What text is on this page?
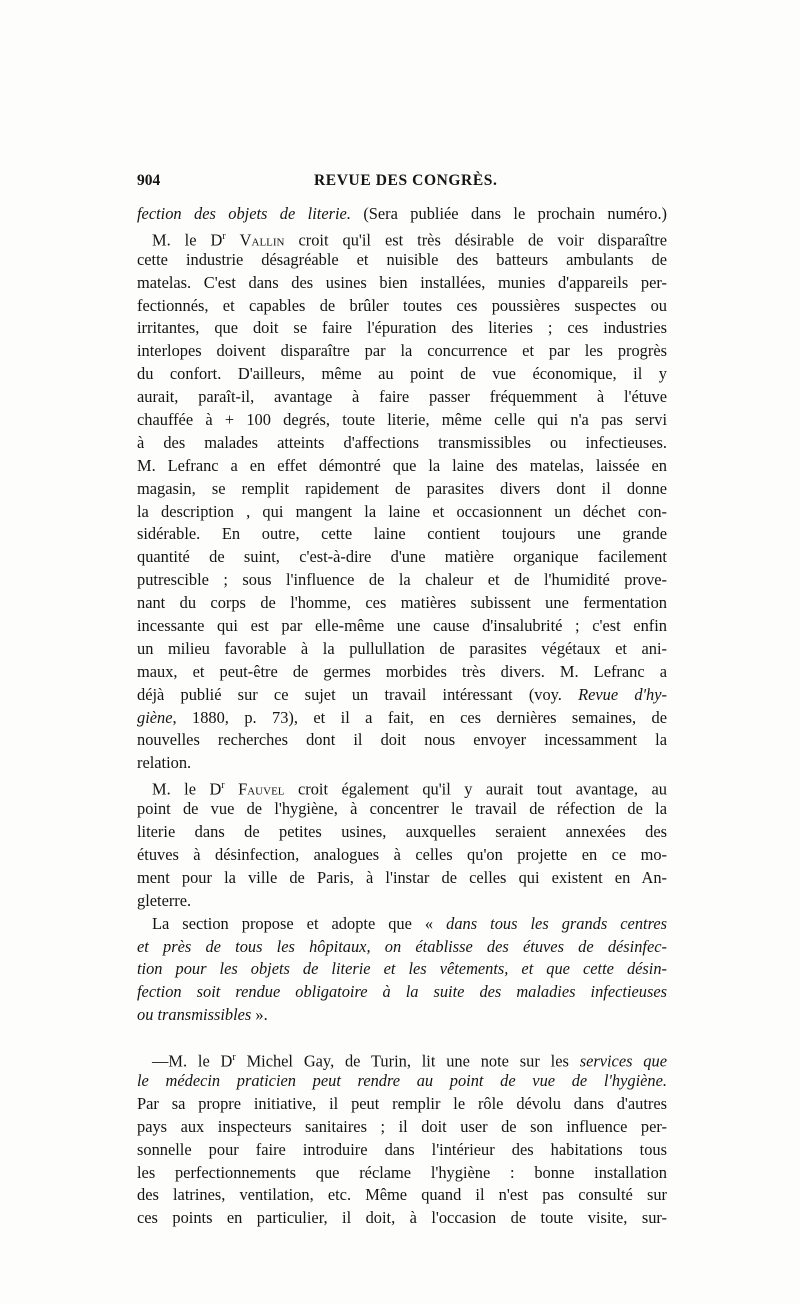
904	REVUE DES CONGRÈS.
fection des objets de literie. (Sera publiée dans le prochain numéro.)
M. le $D^r$ Vallin croit qu'il est très désirable de voir disparaître
cette industrie désagréable et nuisible des batteurs ambulants de
matelas. C'est dans des usines bien installées, munies d'appareils per-
fectionnés, et capables de brûler toutes ces poussières suspectes ou
irritantes, que doit se faire l'épuration des literies ; ces industries
interlopes doivent disparaître par la concurrence et par les progrès
du confort. D'ailleurs, même au point de vue économique, il y
aurait, paraît-il, avantage à faire passer fréquemment à l'étuve
chauffée à + 100 degrés, toute literie, même celle qui n'a pas servi
à des malades atteints d'affections transmissibles ou infectieuses.
M. Lefranc a en effet démontré que la laine des matelas, laissée en
magasin, se remplit rapidement de parasites divers dont il donne
la description , qui mangent la laine et occasionnent un déchet con-
sidérable. En outre, cette laine contient toujours une grande
quantité de suint, c'est-à-dire d'une matière organique facilement
putrescible ; sous l'influence de la chaleur et de l'humidité prove-
nant du corps de l'homme, ces matières subissent une fermentation
incessante qui est par elle-même une cause d'insalubrité ; c'est enfin
un milieu favorable à la pullullation de parasites végétaux et ani-
maux, et peut-être de germes morbides très divers. M. Lefranc a
déjà publié sur ce sujet un travail intéressant (voy. Revue d'hy-
giène, 1880, p. 73), et il a fait, en ces dernières semaines, de
nouvelles recherches dont il doit nous envoyer incessamment la
relation.
M. le $D^r$ Fauvel croit également qu'il y aurait tout avantage, au
point de vue de l'hygiène, à concentrer le travail de réfection de la
literie dans de petites usines, auxquelles seraient annexées des
étuves à désinfection, analogues à celles qu'on projette en ce mo-
ment pour la ville de Paris, à l'instar de celles qui existent en An-
gleterre.
La section propose et adopte que « dans tous les grands centres
et près de tous les hôpitaux, on établisse des étuves de désinfec-
tion pour les objets de literie et les vêtements, et que cette désin-
fection soit rendue obligatoire à la suite des maladies infectieuses
ou transmissibles ».
—M. le $D^r$ Michel Gay, de Turin, lit une note sur les services que
le médecin praticien peut rendre au point de vue de l'hygiène.
Par sa propre initiative, il peut remplir le rôle dévolu dans d'autres
pays aux inspecteurs sanitaires ; il doit user de son influence per-
sonnelle pour faire introduire dans l'intérieur des habitations tous
les perfectionnements que réclame l'hygiène : bonne installation
des latrines, ventilation, etc. Même quand il n'est pas consulté sur
ces points en particulier, il doit, à l'occasion de toute visite, sur-
